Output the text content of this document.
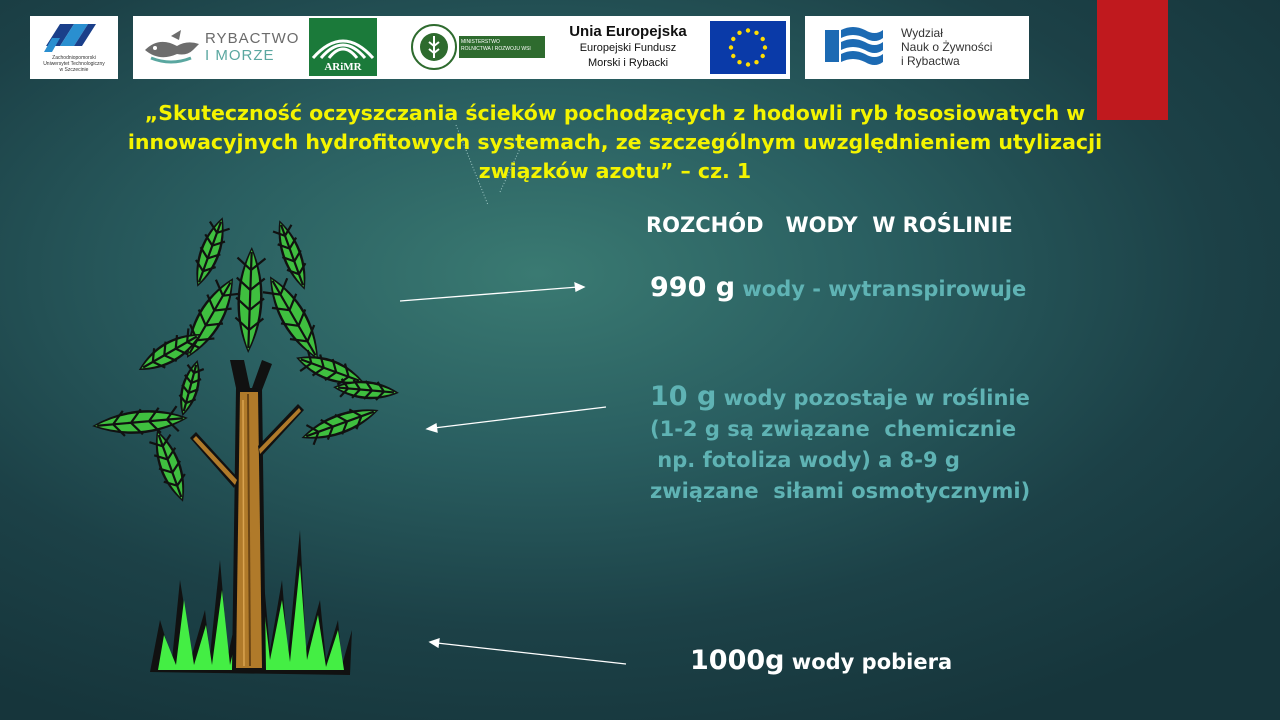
Zachodniopomorski
Uniwersytet Technologiczny
w Szczecinie
RYBACTWO
I MORZE
ARiMR
MINISTERSTWO
ROLNICTWA I ROZWOJU WSI
Unia Europejska
Europejski Fundusz
Morski i Rybacki
Wydział
Nauk o Żywności
i Rybactwa
„Skuteczność oczyszczania ścieków pochodzących z hodowli ryb łososiowatych w
innowacyjnych hydrofitowych systemach, ze szczególnym uwzględnieniem utylizacji
związków azotu” – cz. 1
ROZCHÓD   WODY  W ROŚLINIE
990 g wody - wytranspirowuje
10 g wody pozostaje w roślinie
(1-2 g są związane  chemicznie
np. fotoliza wody) a 8-9 g
związane  siłami osmotycznymi)
1000g wody pobiera
